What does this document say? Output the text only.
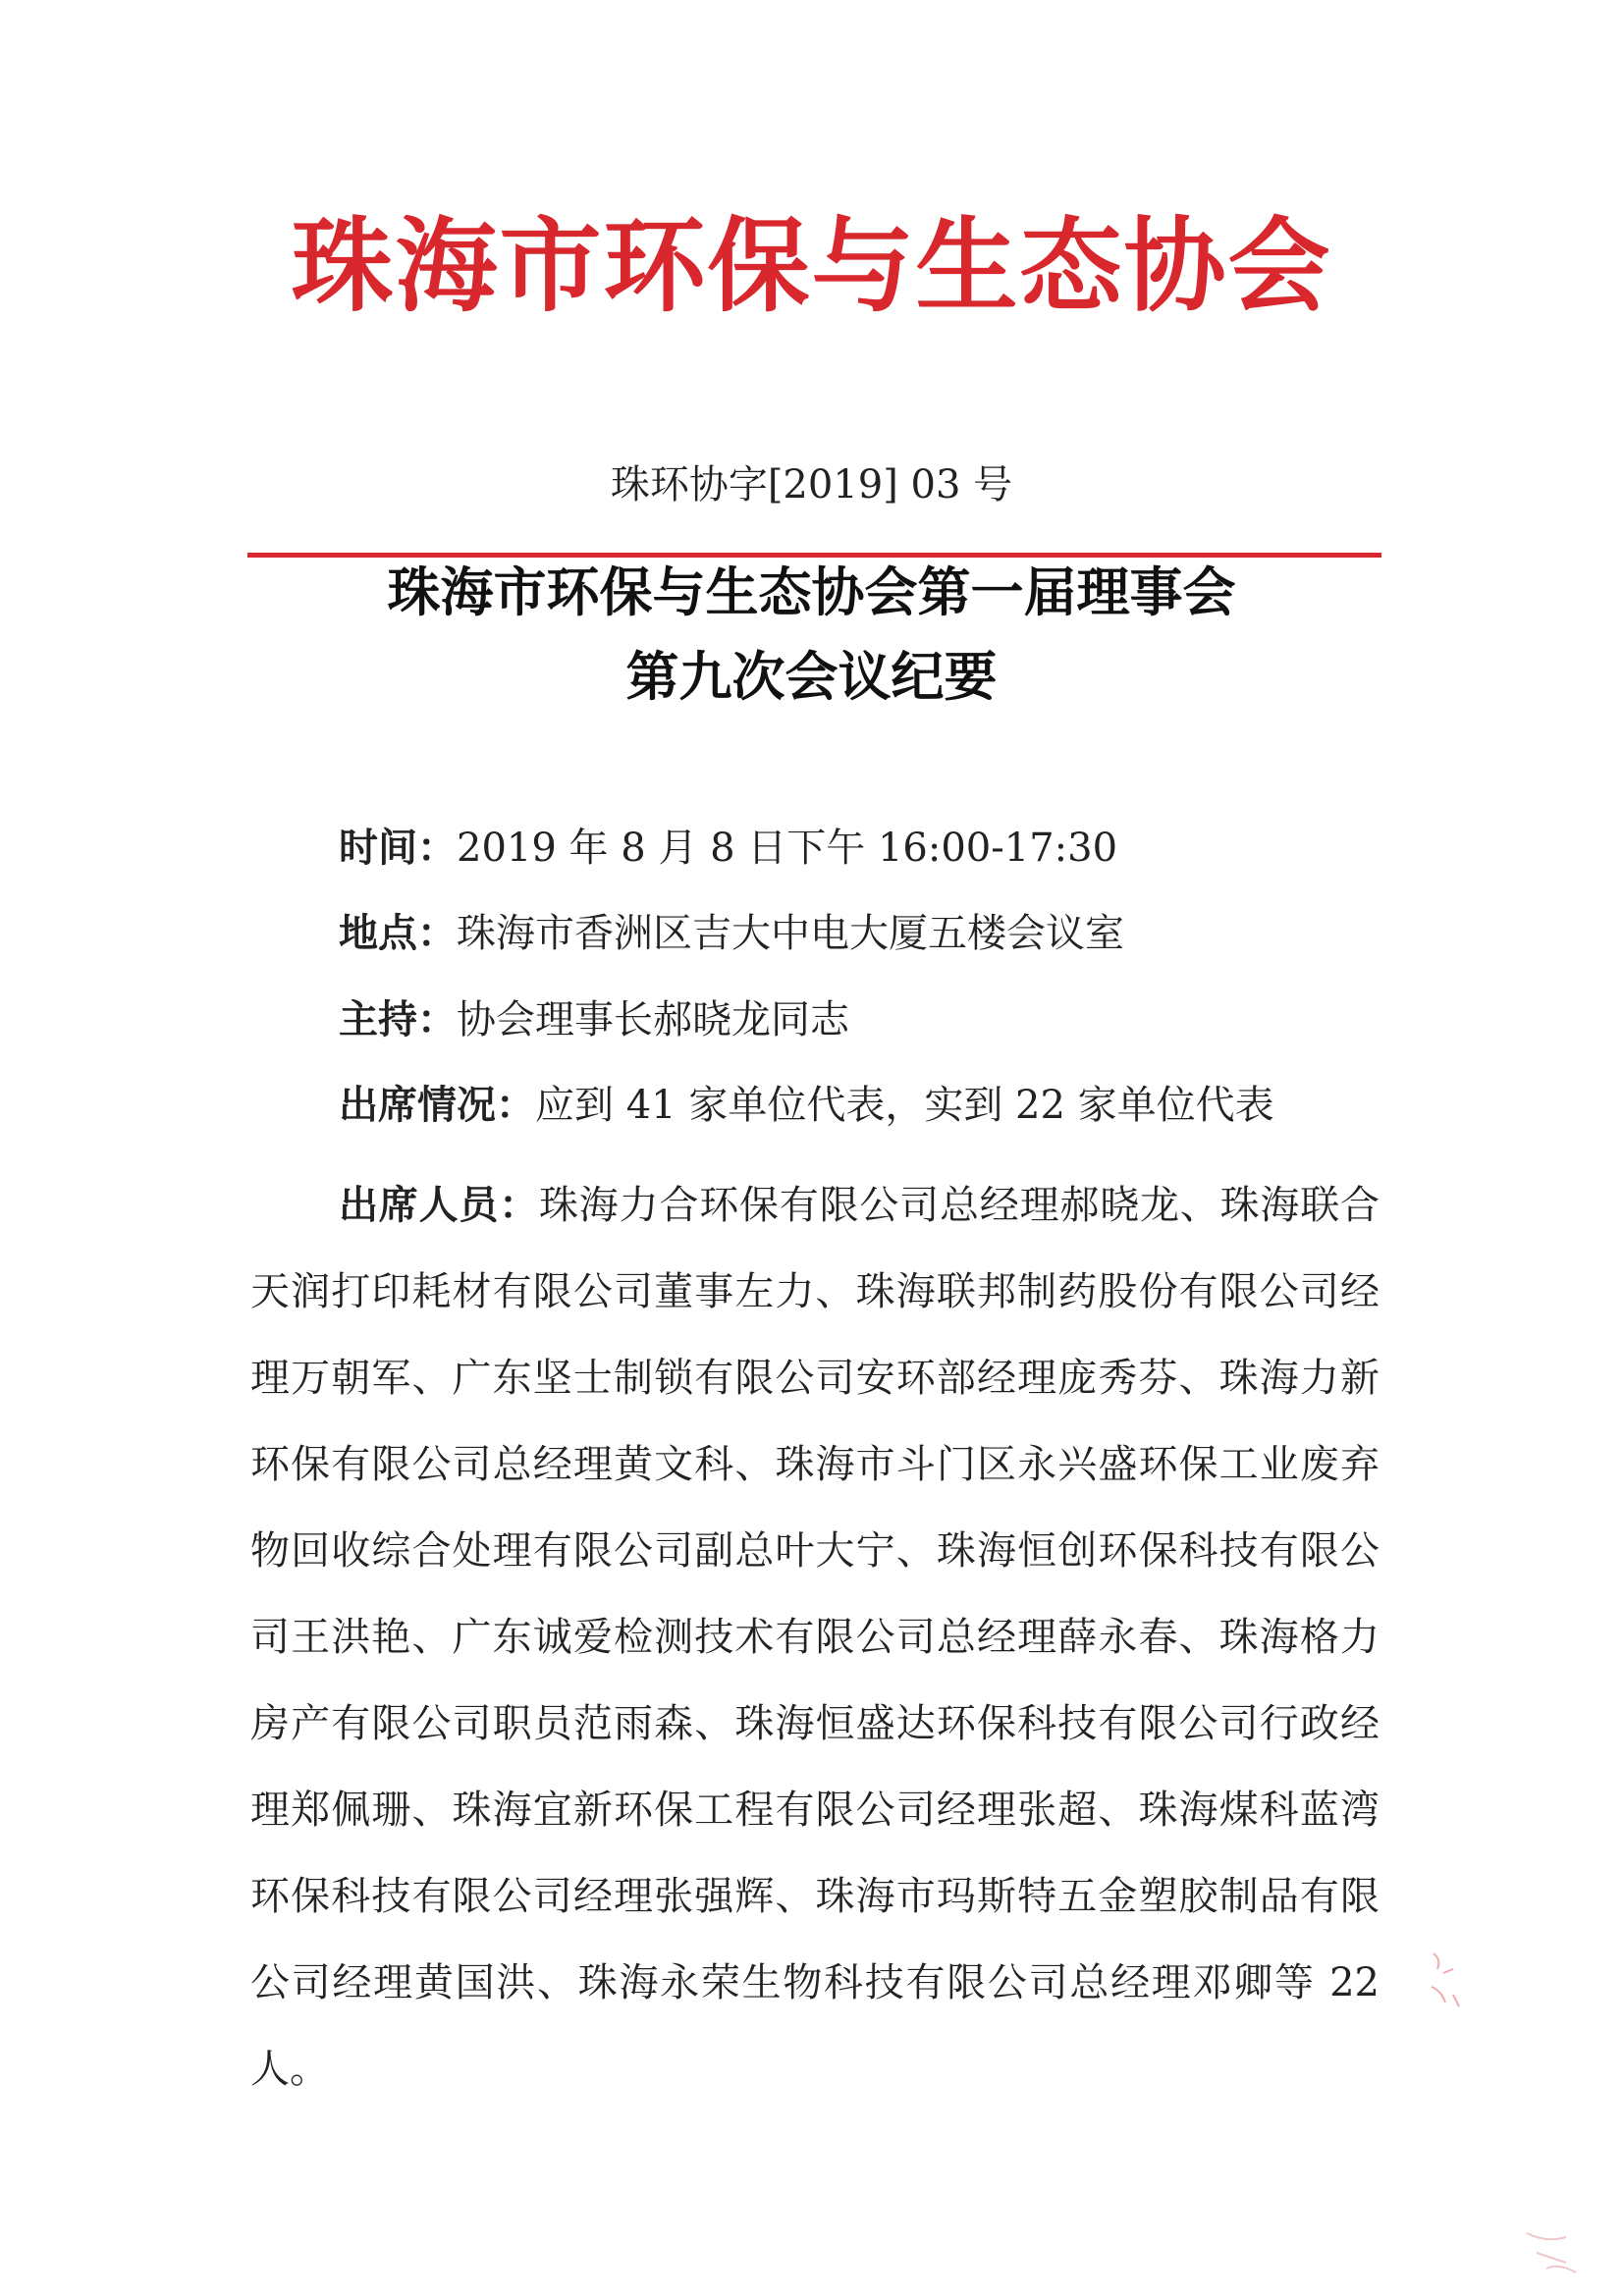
珠海市环保与生态协会
珠环协字[2019] 03 号
珠海市环保与生态协会第一届理事会
第九次会议纪要
时间：2019 年 8 月 8 日下午 16:00-17:30
地点：珠海市香洲区吉大中电大厦五楼会议室
主持：协会理事长郝晓龙同志
出席情况：应到 41 家单位代表，实到 22 家单位代表
出席人员：珠海力合环保有限公司总经理郝晓龙、珠海联合天润打印耗材有限公司董事左力、珠海联邦制药股份有限公司经理万朝军、广东坚士制锁有限公司安环部经理庞秀芬、珠海力新环保有限公司总经理黄文科、珠海市斗门区永兴盛环保工业废弃物回收综合处理有限公司副总叶大宁、珠海恒创环保科技有限公司王洪艳、广东诚爱检测技术有限公司总经理薛永春、珠海格力房产有限公司职员范雨森、珠海恒盛达环保科技有限公司行政经理郑佩珊、珠海宜新环保工程有限公司经理张超、珠海煤科蓝湾环保科技有限公司经理张强辉、珠海市玛斯特五金塑胶制品有限公司经理黄国洪、珠海永荣生物科技有限公司总经理邓卿等 22 人。
